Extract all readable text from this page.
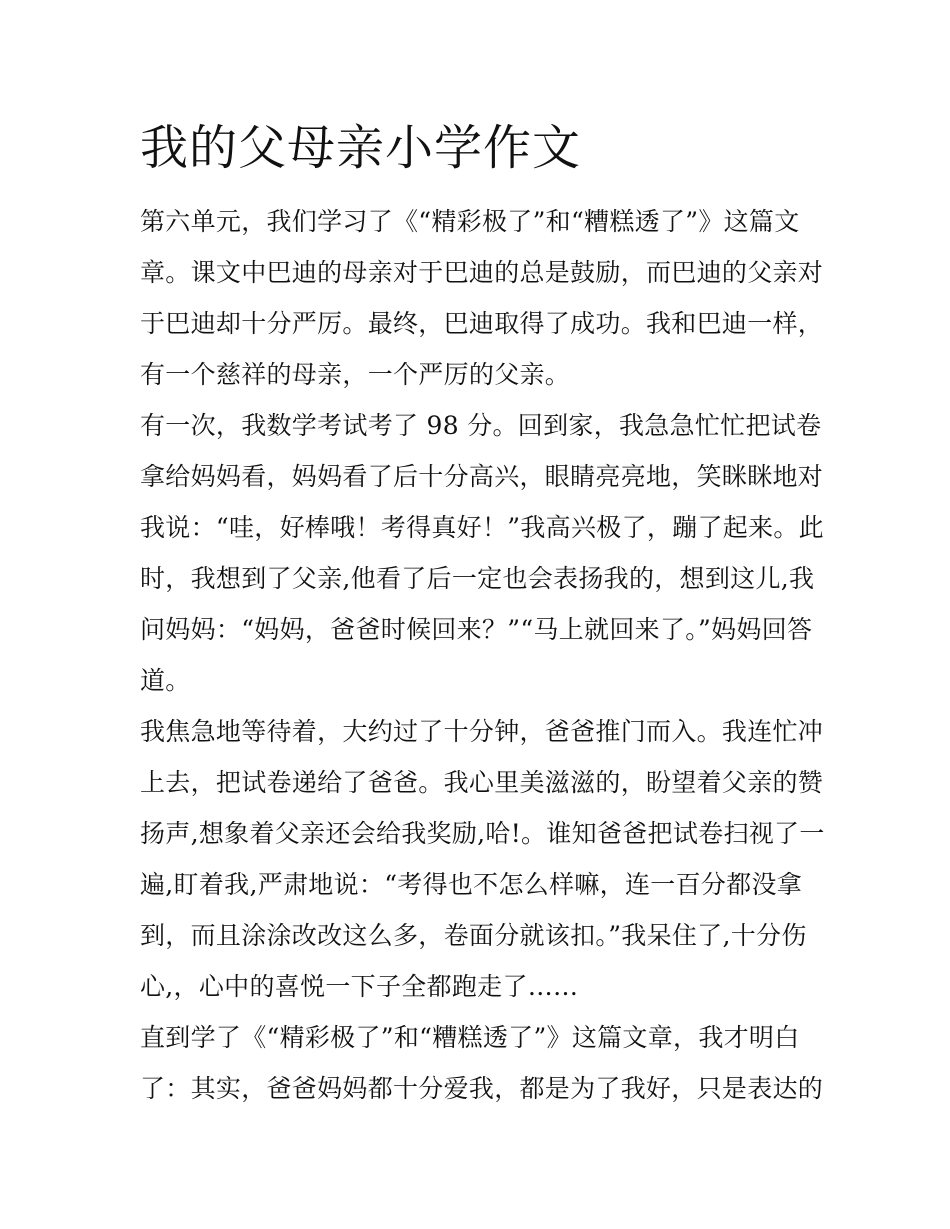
我的父母亲小学作文

第六单元，我们学习了《“精彩极了”和“糟糕透了”》这篇文

章。课文中巴迪的母亲对于巴迪的总是鼓励，而巴迪的父亲对

于巴迪却十分严厉。最终，巴迪取得了成功。我和巴迪一样，

有一个慈祥的母亲，一个严厉的父亲。

有一次，我数学考试考了 98 分。回到家，我急急忙忙把试卷

拿给妈妈看，妈妈看了后十分高兴，眼睛亮亮地，笑眯眯地对

我说：“哇，好棒哦！考得真好！”我高兴极了，蹦了起来。此

时，我想到了父亲,他看了后一定也会表扬我的，想到这儿,我

问妈妈：“妈妈，爸爸时候回来？”“马上就回来了。”妈妈回答

道。

我焦急地等待着，大约过了十分钟，爸爸推门而入。我连忙冲

上去，把试卷递给了爸爸。我心里美滋滋的，盼望着父亲的赞

扬声,想象着父亲还会给我奖励,哈!。谁知爸爸把试卷扫视了一

遍,盯着我,严肃地说：“考得也不怎么样嘛，连一百分都没拿

到，而且涂涂改改这么多，卷面分就该扣。”我呆住了,十分伤

心,，心中的喜悦一下子全都跑走了……

直到学了《“精彩极了”和“糟糕透了”》这篇文章，我才明白

了：其实，爸爸妈妈都十分爱我，都是为了我好，只是表达的
